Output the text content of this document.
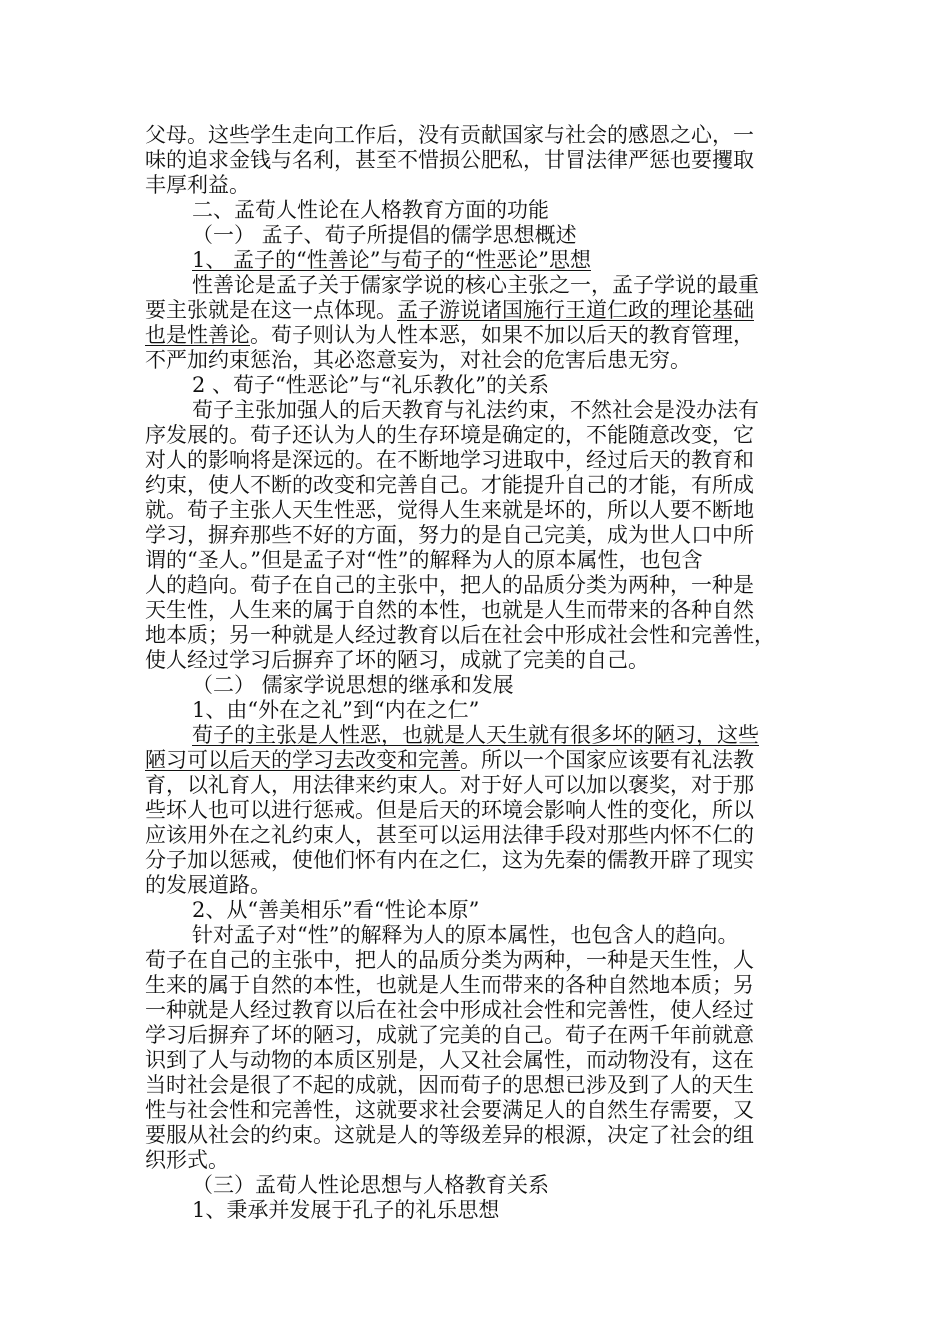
父母。这些学生走向工作后，没有贡献国家与社会的感恩之心，一
味的追求金钱与名利，甚至不惜损公肥私，甘冒法律严惩也要攫取
丰厚利益。
二、孟荀人性论在人格教育方面的功能
（一） 孟子、荀子所提倡的儒学思想概述
1、 孟子的“性善论”与荀子的“性恶论”思想
性善论是孟子关于儒家学说的核心主张之一，孟子学说的最重
要主张就是在这一点体现。孟子游说诸国施行王道仁政的理论基础
也是性善论。荀子则认为人性本恶，如果不加以后天的教育管理，
不严加约束惩治，其必恣意妄为，对社会的危害后患无穷。
2 、荀子“性恶论”与“礼乐教化”的关系
荀子主张加强人的后天教育与礼法约束，不然社会是没办法有
序发展的。荀子还认为人的生存环境是确定的，不能随意改变，它
对人的影响将是深远的。在不断地学习进取中，经过后天的教育和
约束，使人不断的改变和完善自己。才能提升自己的才能，有所成
就。荀子主张人天生性恶，觉得人生来就是坏的，所以人要不断地
学习，摒弃那些不好的方面，努力的是自己完美，成为世人口中所
谓的“圣人。”但是孟子对“性”的解释为人的原本属性，也包含
人的趋向。荀子在自己的主张中，把人的品质分类为两种，一种是
天生性，人生来的属于自然的本性，也就是人生而带来的各种自然
地本质；另一种就是人经过教育以后在社会中形成社会性和完善性，
使人经过学习后摒弃了坏的陋习，成就了完美的自己。
（二） 儒家学说思想的继承和发展
1、由“外在之礼”到“内在之仁”
荀子的主张是人性恶，也就是人天生就有很多坏的陋习，这些
陋习可以后天的学习去改变和完善。所以一个国家应该要有礼法教
育，以礼育人，用法律来约束人。对于好人可以加以褒奖，对于那
些坏人也可以进行惩戒。但是后天的环境会影响人性的变化，所以
应该用外在之礼约束人，甚至可以运用法律手段对那些内怀不仁的
分子加以惩戒，使他们怀有内在之仁，这为先秦的儒教开辟了现实
的发展道路。
2、从“善美相乐”看“性论本原”
针对孟子对“性”的解释为人的原本属性，也包含人的趋向。
荀子在自己的主张中，把人的品质分类为两种，一种是天生性，人
生来的属于自然的本性，也就是人生而带来的各种自然地本质；另
一种就是人经过教育以后在社会中形成社会性和完善性，使人经过
学习后摒弃了坏的陋习，成就了完美的自己。荀子在两千年前就意
识到了人与动物的本质区别是，人又社会属性，而动物没有，这在
当时社会是很了不起的成就，因而荀子的思想已涉及到了人的天生
性与社会性和完善性，这就要求社会要满足人的自然生存需要，又
要服从社会的约束。这就是人的等级差异的根源，决定了社会的组
织形式。
（三）孟荀人性论思想与人格教育关系
1、秉承并发展于孔子的礼乐思想
